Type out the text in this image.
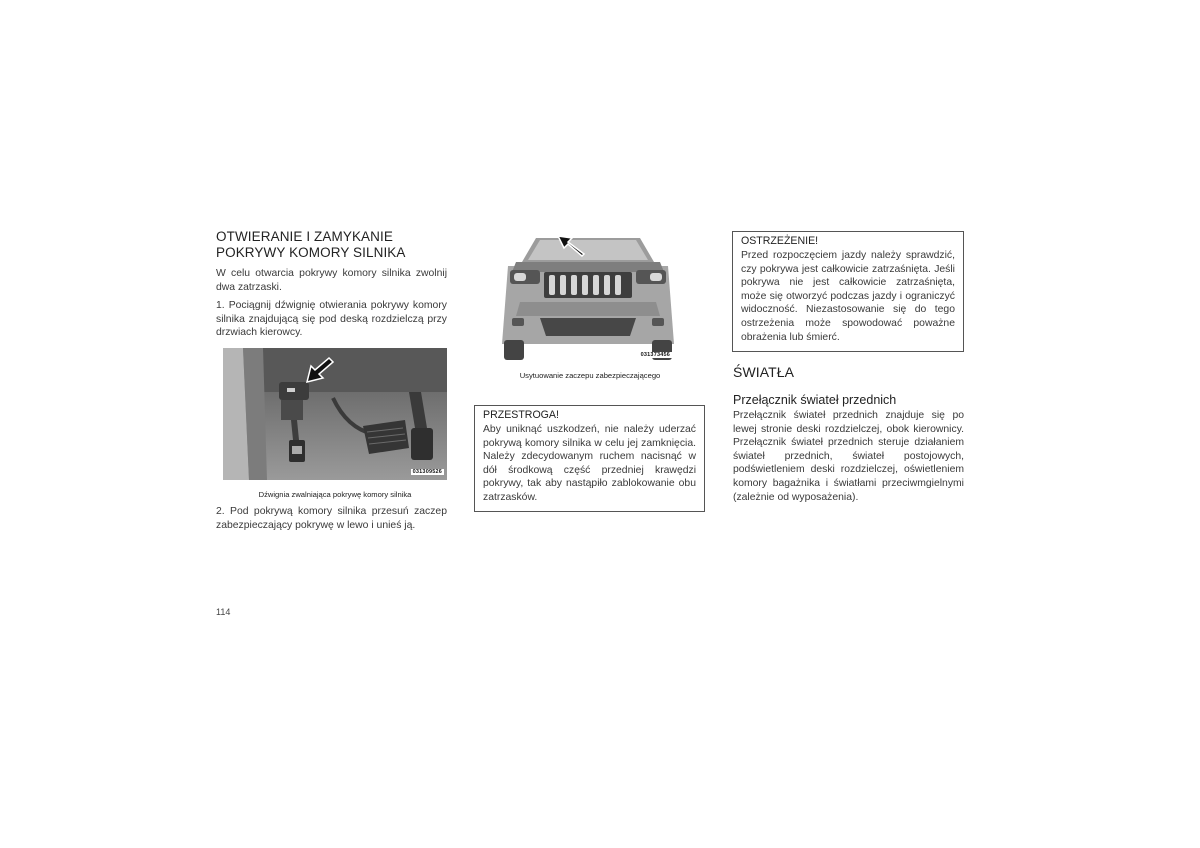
OTWIERANIE I ZAMYKANIE
POKRYWY KOMORY SILNIKA

W celu otwarcia pokrywy komory silnika zwolnij dwa zatrzaski.

1. Pociągnij dźwignię otwierania pokrywy komory silnika znajdującą się pod deską rozdzielczą przy drzwiach kierowcy.

031309526
Dźwignia zwalniająca pokrywę komory silnika

2. Pod pokrywą komory silnika przesuń zaczep zabezpieczający pokrywę w lewo i unieś ją.

031373456
Usytuowanie zaczepu zabezpieczającego
PRZESTROGA!

Aby uniknąć uszkodzeń, nie należy uderzać pokrywą komory silnika w celu jej zamknięcia. Należy zdecydowanym ruchem nacisnąć w dół środkową część przedniej krawędzi pokrywy, tak aby nastąpiło zablokowanie obu zatrzasków.

OSTRZEŻENIE!

Przed rozpoczęciem jazdy należy sprawdzić, czy pokrywa jest całkowicie zatrzaśnięta. Jeśli pokrywa nie jest całkowicie zatrzaśnięta, może się otworzyć podczas jazdy i ograniczyć widoczność. Niezastosowanie się do tego ostrzeżenia może spowodować poważne obrażenia lub śmierć.

ŚWIATŁA
Przełącznik świateł przednich

Przełącznik świateł przednich znajduje się po lewej stronie deski rozdzielczej, obok kierownicy. Przełącznik świateł przednich steruje działaniem świateł przednich, świateł postojowych, podświetleniem deski rozdzielczej, oświetleniem komory bagażnika i światłami przeciwmgielnymi (zależnie od wyposażenia).

114
